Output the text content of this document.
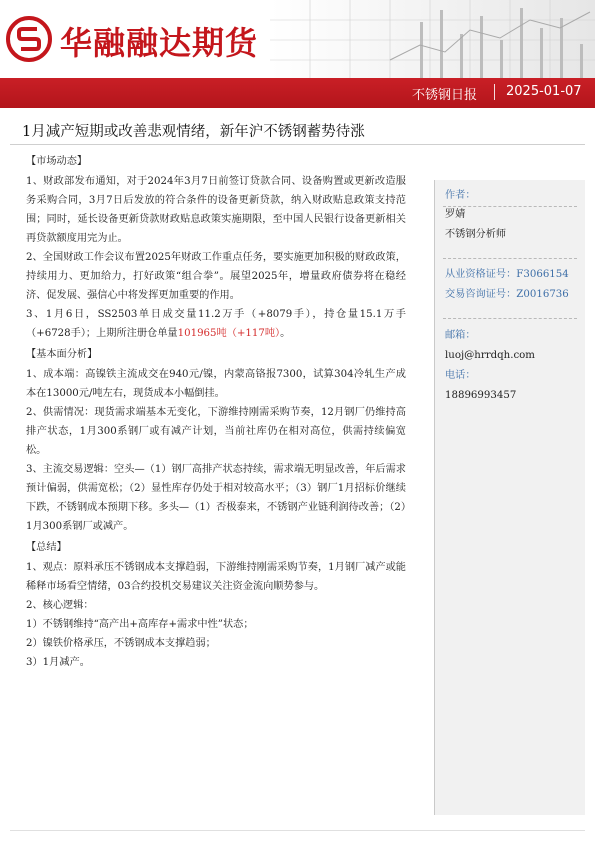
华融融达期货
不锈钢日报 2025-01-07
1月减产短期或改善悲观情绪，新年沪不锈钢蓄势待涨
【市场动态】

1、财政部发布通知，对于2024年3月7日前签订贷款合同、设备购置或更新改造服务采购合同，3月7日后发放的符合条件的设备更新贷款，纳入财政贴息政策支持范围；同时，延长设备更新贷款财政贴息政策实施期限，至中国人民银行设备更新相关再贷款额度用完为止。

2、全国财政工作会议布置2025年财政工作重点任务，要实施更加积极的财政政策，持续用力、更加给力，打好政策“组合拳”。展望2025年，增量政府债券将在稳经济、促发展、强信心中将发挥更加重要的作用。

3、1月6日，SS2503单日成交量11.2万手（+8079手），持仓量15.1万手（+6728手）；上期所注册仓单量101965吨（+117吨）。

【基本面分析】

1、成本端：高镍铁主流成交在940元/镍，内蒙高铬报7300，试算304冷轧生产成本在13000元/吨左右，现货成本小幅倒挂。

2、供需情况：现货需求端基本无变化，下游维持刚需采购节奏，12月钢厂仍维持高排产状态，1月300系钢厂或有减产计划，当前社库仍在相对高位，供需持续偏宽松。

3、主流交易逻辑：空头—（1）钢厂高排产状态持续，需求端无明显改善，年后需求预计偏弱，供需宽松；（2）显性库存仍处于相对较高水平；（3）钢厂1月招标价继续下跌，不锈钢成本预期下移。多头—（1）否极泰来，不锈钢产业链利润待改善；（2）1月300系钢厂或减产。

【总结】

1、观点：原料承压不锈钢成本支撑趋弱，下游维持刚需采购节奏，1月钢厂减产或能稀释市场看空情绪，03合约投机交易建议关注资金流向顺势参与。

2、核心逻辑：

1）不锈钢维持“高产出+高库存+需求中性”状态；

2）镍铁价格承压，不锈钢成本支撑趋弱；

3）1月减产。

作者：
罗婧
不锈钢分析师
从业资格证号：F3066154
交易咨询证号：Z0016736
邮箱：
luoj@hrrdqh.com
电话：
18896993457
